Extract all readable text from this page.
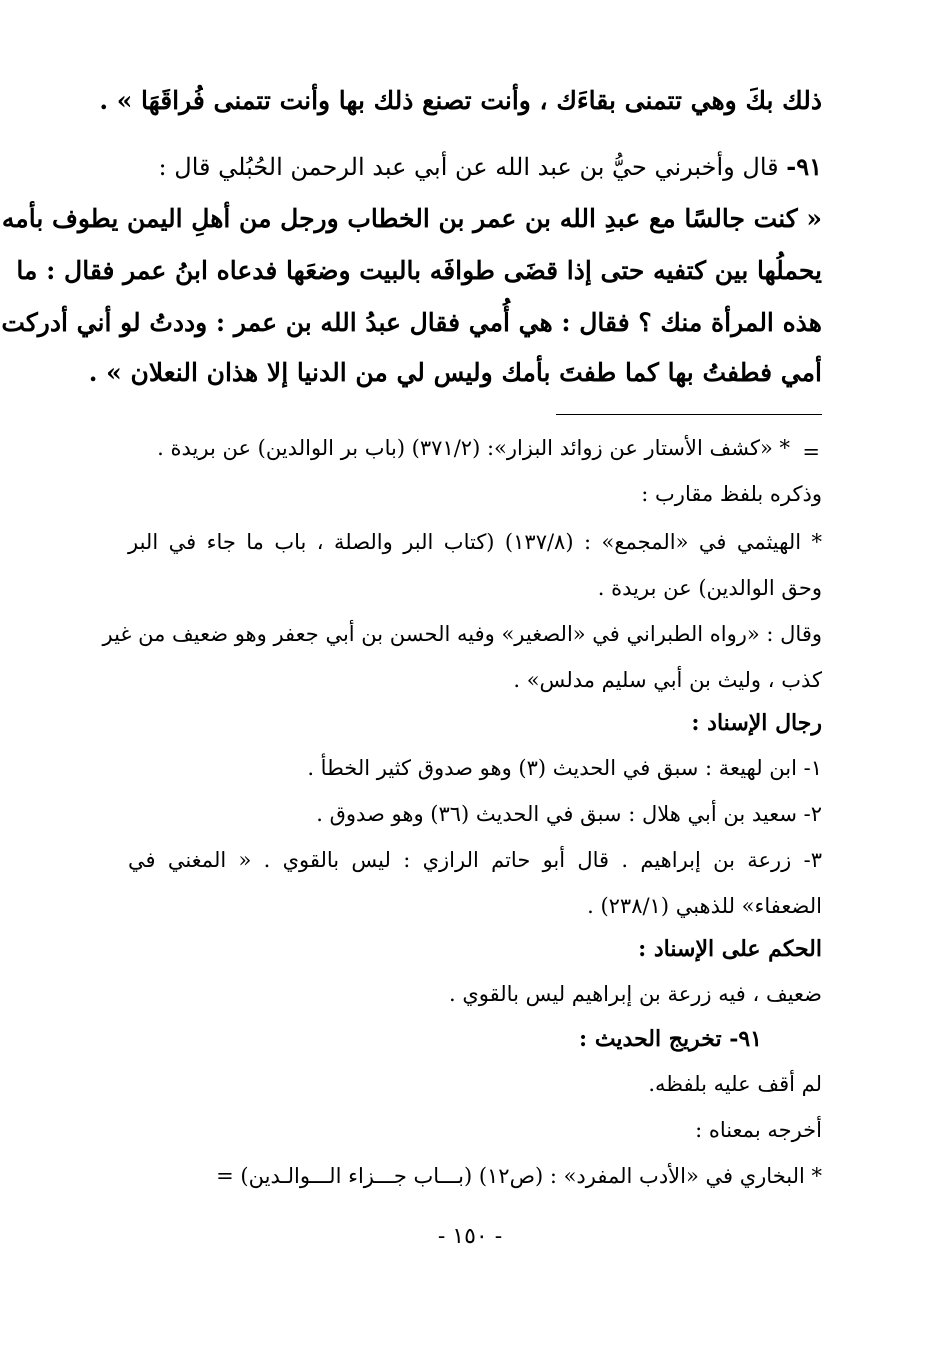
ذلك بكَ وهي تتمنى بقاءَك ، وأنت تصنع ذلك بها وأنت تتمنى فُراقَهَا » .
٩١- قال وأخبرني حيُّ بن عبد الله عن أبي عبد الرحمن الحُبُلي قال :
« كنت جالسًا مع عبدِ الله بن عمر بن الخطاب ورجل من أهلِ اليمن يطوف بأمه
يحملُها بين كتفيه حتى إذا قضَى طوافَه بالبيت وضعَها فدعاه ابنُ عمر فقال : ما
هذه المرأة منك ؟ فقال : هي أُمي فقال عبدُ الله بن عمر : وددتُ لو أني أدركت
أمي فطفتُ بها كما طفتَ بأمك وليس لي من الدنيا إلا هذان النعلان » .
=
* «كشف الأستار عن زوائد البزار»: (٣٧١/٢) (باب بر الوالدين) عن بريدة .
وذكره بلفظ مقارب :
* الهيثمي في «المجمع» : (١٣٧/٨) (كتاب البر والصلة ، باب ما جاء في البر
وحق الوالدين) عن بريدة .
وقال : «رواه الطبراني في «الصغير» وفيه الحسن بن أبي جعفر وهو ضعيف من غير
كذب ، وليث بن أبي سليم مدلس» .
رجال الإسناد :
١- ابن لهيعة : سبق في الحديث (٣) وهو صدوق كثير الخطأ .
٢- سعيد بن أبي هلال : سبق في الحديث (٣٦) وهو صدوق .
٣- زرعة بن إبراهيم . قال أبو حاتم الرازي : ليس بالقوي . « المغني في
الضعفاء» للذهبي (٢٣٨/١) .
الحكم على الإسناد :
ضعيف ، فيه زرعة بن إبراهيم ليس بالقوي .
٩١- تخريج الحديث :
لم أقف عليه بلفظه.
أخرجه بمعناه :
* البخاري في «الأدب المفرد» : (ص١٢) (بـــاب جـــزاء الـــوالـدين) =
- ١٥٠ -
